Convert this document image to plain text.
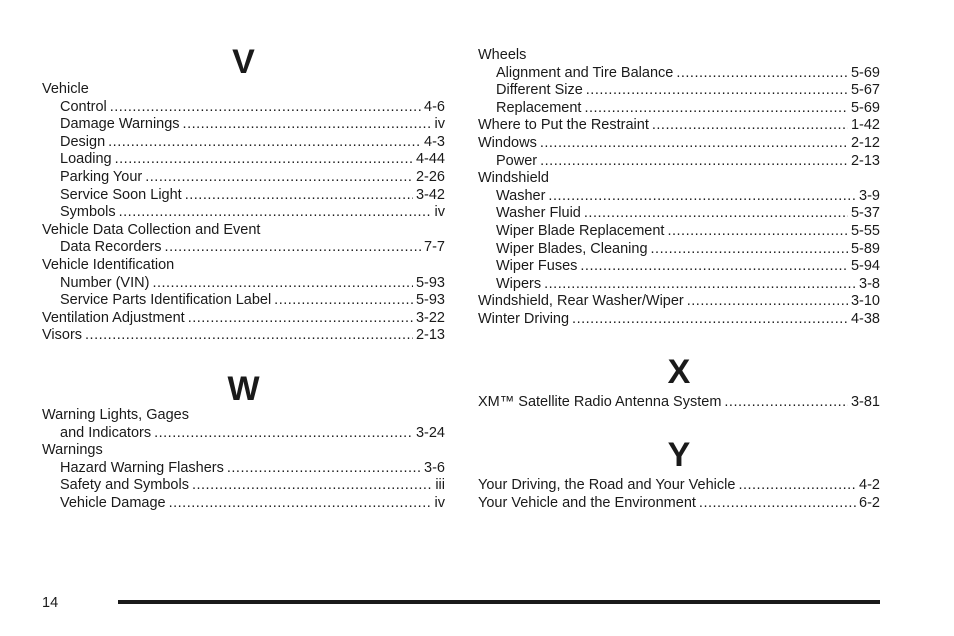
V
Vehicle
Control .....	4-6
Damage Warnings .....	iv
Design .....	4-3
Loading .....	4-44
Parking Your .....	2-26
Service Soon Light .....	3-42
Symbols .....	iv
Vehicle Data Collection and Event
Data Recorders .....	7-7
Vehicle Identification
Number (VIN) .....	5-93
Service Parts Identification Label .....	5-93
Ventilation Adjustment .....	3-22
Visors .....	2-13
W
Warning Lights, Gages
and Indicators .....	3-24
Warnings
Hazard Warning Flashers .....	3-6
Safety and Symbols .....	iii
Vehicle Damage .....	iv
Wheels
Alignment and Tire Balance .....	5-69
Different Size .....	5-67
Replacement .....	5-69
Where to Put the Restraint .....	1-42
Windows .....	2-12
Power .....	2-13
Windshield
Washer .....	3-9
Washer Fluid .....	5-37
Wiper Blade Replacement .....	5-55
Wiper Blades, Cleaning .....	5-89
Wiper Fuses .....	5-94
Wipers .....	3-8
Windshield, Rear Washer/Wiper .....	3-10
Winter Driving .....	4-38
X
XM™ Satellite Radio Antenna System .....	3-81
Y
Your Driving, the Road and Your Vehicle .....	4-2
Your Vehicle and the Environment .....	6-2
14
